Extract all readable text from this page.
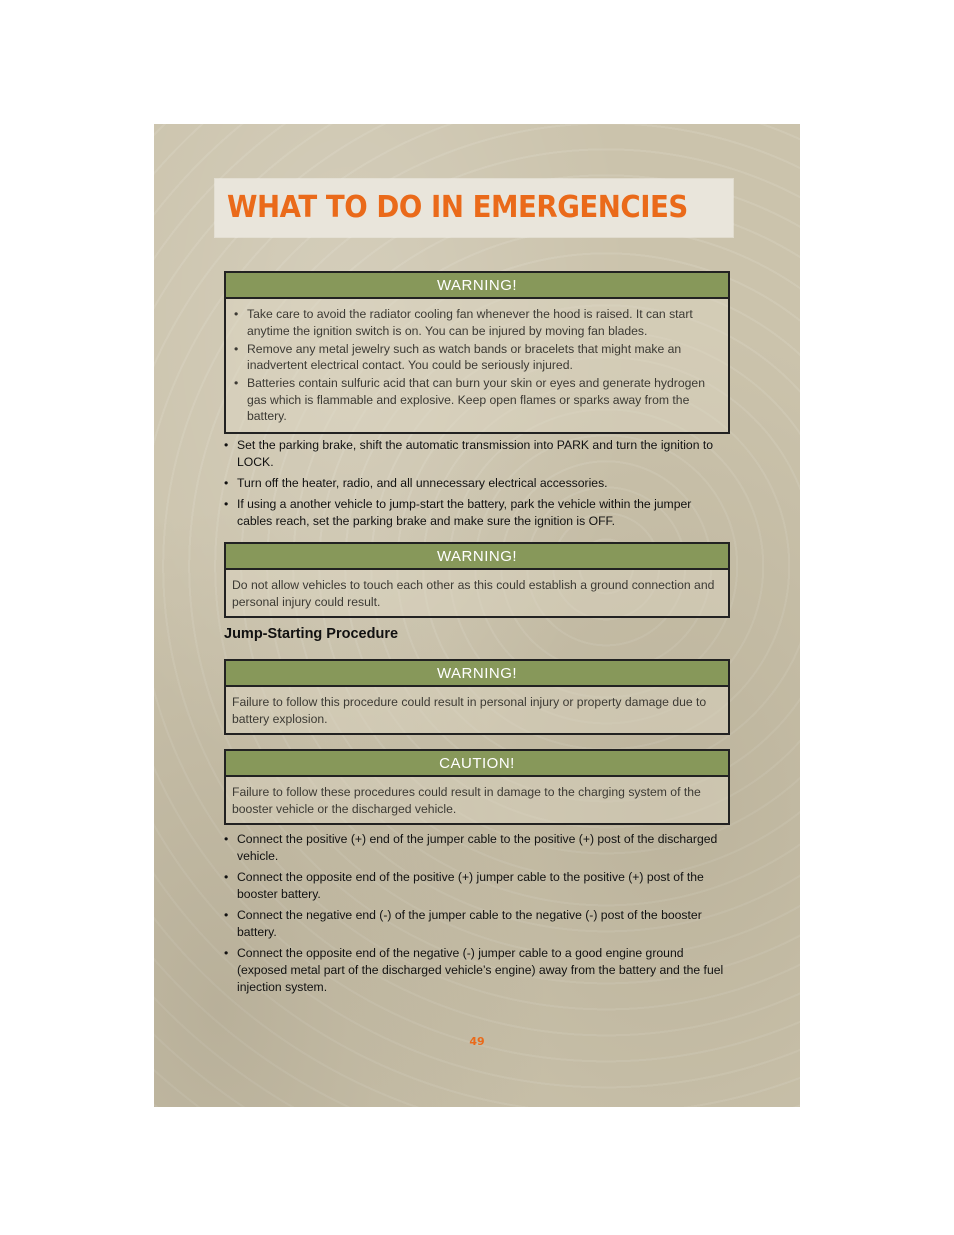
WHAT TO DO IN EMERGENCIES
WARNING!
• Take care to avoid the radiator cooling fan whenever the hood is raised. It can start anytime the ignition switch is on. You can be injured by moving fan blades.
• Remove any metal jewelry such as watch bands or bracelets that might make an inadvertent electrical contact. You could be seriously injured.
• Batteries contain sulfuric acid that can burn your skin or eyes and generate hydrogen gas which is flammable and explosive. Keep open flames or sparks away from the battery.
• Set the parking brake, shift the automatic transmission into PARK and turn the ignition to LOCK.
• Turn off the heater, radio, and all unnecessary electrical accessories.
• If using a another vehicle to jump-start the battery, park the vehicle within the jumper cables reach, set the parking brake and make sure the ignition is OFF.
WARNING!
Do not allow vehicles to touch each other as this could establish a ground connection and personal injury could result.
Jump-Starting Procedure
WARNING!
Failure to follow this procedure could result in personal injury or property damage due to battery explosion.
CAUTION!
Failure to follow these procedures could result in damage to the charging system of the booster vehicle or the discharged vehicle.
• Connect the positive (+) end of the jumper cable to the positive (+) post of the discharged vehicle.
• Connect the opposite end of the positive (+) jumper cable to the positive (+) post of the booster battery.
• Connect the negative end (-) of the jumper cable to the negative (-) post of the booster battery.
• Connect the opposite end of the negative (-) jumper cable to a good engine ground (exposed metal part of the discharged vehicle’s engine) away from the battery and the fuel injection system.
49
